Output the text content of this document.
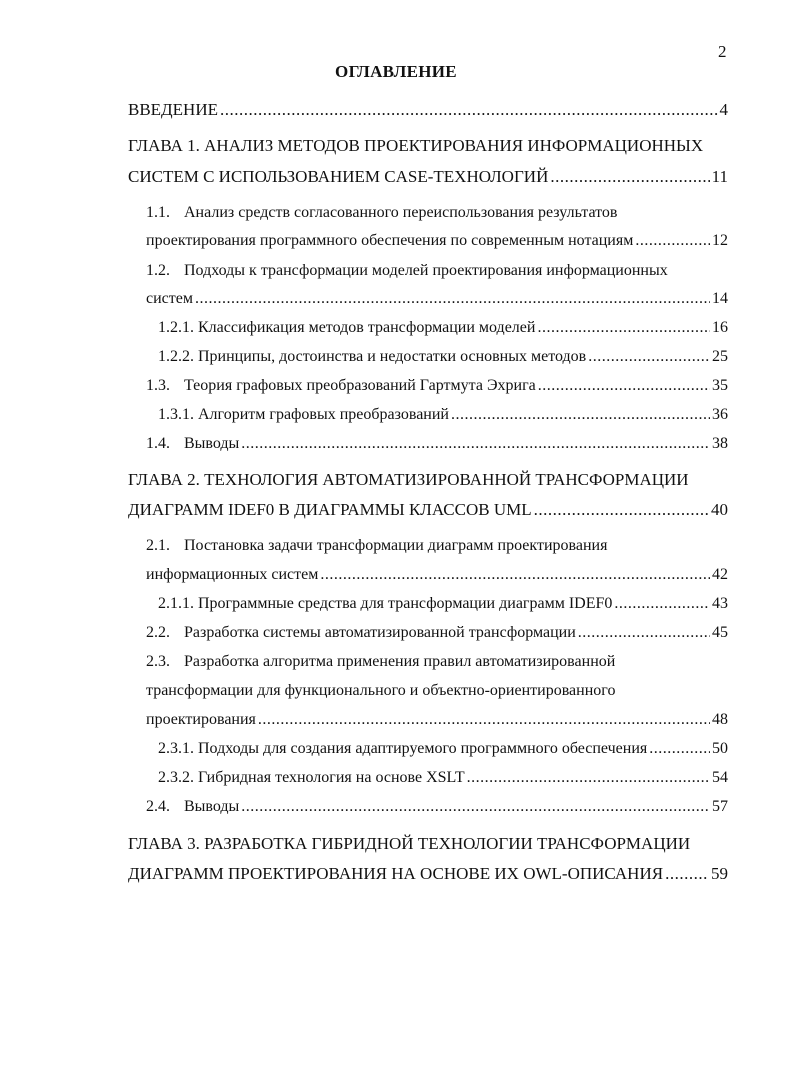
2
ОГЛАВЛЕНИЕ
ВВЕДЕНИЕ .....	4
ГЛАВА 1. АНАЛИЗ МЕТОДОВ ПРОЕКТИРОВАНИЯ ИНФОРМАЦИОННЫХ
СИСТЕМ С ИСПОЛЬЗОВАНИЕМ CASE-ТЕХНОЛОГИЙ .....	11
1.1. Анализ средств согласованного переиспользования результатов
проектирования программного обеспечения по современным нотациям .....	12
1.2. Подходы к трансформации моделей проектирования информационных
систем .....	14
1.2.1. Классификация методов трансформации моделей .....	16
1.2.2. Принципы, достоинства и недостатки основных методов .....	25
1.3. Теория графовых преобразований Гартмута Эхрига .....	35
1.3.1. Алгоритм графовых преобразований .....	36
1.4. Выводы .....	38
ГЛАВА 2. ТЕХНОЛОГИЯ АВТОМАТИЗИРОВАННОЙ ТРАНСФОРМАЦИИ
ДИАГРАММ IDEF0 В ДИАГРАММЫ КЛАССОВ UML .....	40
2.1. Постановка задачи трансформации диаграмм проектирования
информационных систем .....	42
2.1.1. Программные средства для трансформации диаграмм IDEF0 .....	43
2.2. Разработка системы автоматизированной трансформации .....	45
2.3. Разработка алгоритма применения правил автоматизированной
трансформации для функционального и объектно-ориентированного
проектирования .....	48
2.3.1. Подходы для создания адаптируемого программного обеспечения .....	50
2.3.2. Гибридная технология на основе XSLT .....	54
2.4. Выводы .....	57
ГЛАВА 3. РАЗРАБОТКА ГИБРИДНОЙ ТЕХНОЛОГИИ ТРАНСФОРМАЦИИ
ДИАГРАММ ПРОЕКТИРОВАНИЯ НА ОСНОВЕ ИХ OWL-ОПИСАНИЯ .....	59
